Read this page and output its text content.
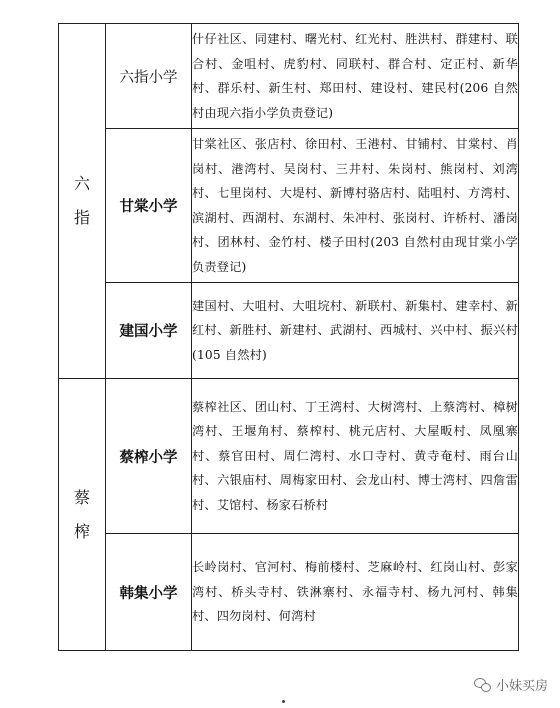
六
指	六指小学	什仔社区、同建村、曙光村、红光村、胜洪村、群建村、联合村、金咀村、虎豹村、同联村、群合村、定正村、新华村、群乐村、新生村、郑田村、建设村、建民村(206 自然村由现六指小学负责登记)
	甘棠小学	甘棠社区、张店村、徐田村、王港村、甘铺村、甘棠村、肖岗村、港湾村、吴岗村、三井村、朱岗村、熊岗村、刘湾村、七里岗村、大堤村、新博村骆店村、陆咀村、方湾村、滨湖村、西湖村、东湖村、朱冲村、张岗村、许桥村、潘岗村、团林村、金竹村、楼子田村(203 自然村由现甘棠小学负责登记)
	建国小学	建国村、大咀村、大咀垸村、新联村、新集村、建幸村、新红村、新胜村、新建村、武湖村、西城村、兴中村、振兴村(105 自然村)

蔡
榨	蔡榨小学	蔡榨社区、团山村、丁王湾村、大树湾村、上蔡湾村、樟树湾村、王堰角村、蔡榨村、桃元店村、大屋畈村、凤凰寨村、蔡官田村、周仁湾村、水口寺村、黄寺奄村、雨台山村、六银庙村、周梅家田村、会龙山村、博士湾村、四詹雷村、艾馆村、杨家石桥村
	韩集小学	长岭岗村、官河村、梅前楼村、芝麻岭村、红岗山村、彭家湾村、桥头寺村、铁淋寨村、永福寺村、杨九河村、韩集村、四勿岗村、何湾村
小妹买房
